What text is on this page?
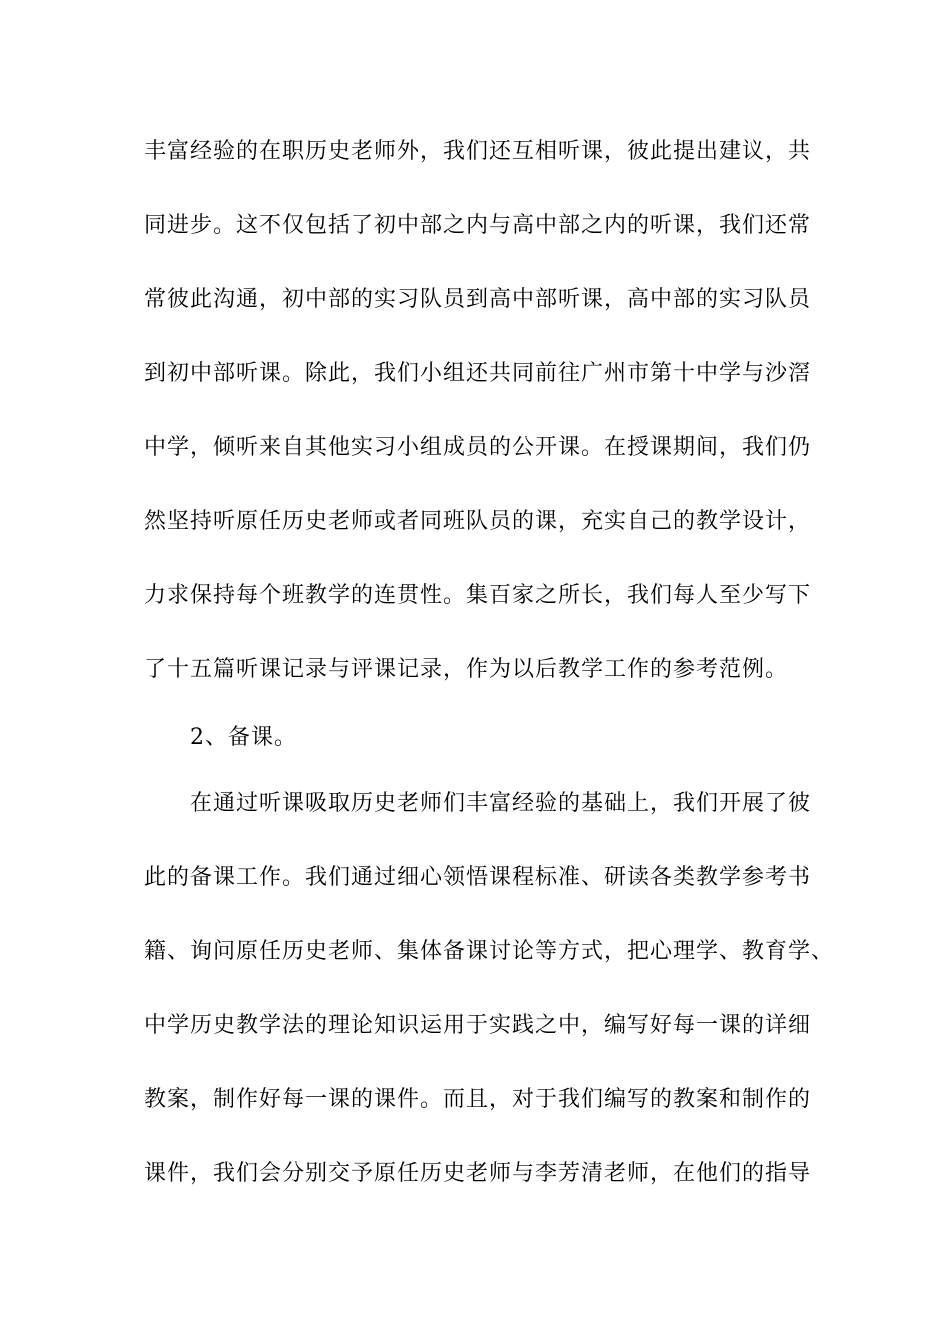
丰富经验的在职历史老师外，我们还互相听课，彼此提出建议，共
同进步。这不仅包括了初中部之内与高中部之内的听课，我们还常
常彼此沟通，初中部的实习队员到高中部听课，高中部的实习队员
到初中部听课。除此，我们小组还共同前往广州市第十中学与沙滘
中学，倾听来自其他实习小组成员的公开课。在授课期间，我们仍
然坚持听原任历史老师或者同班队员的课，充实自己的教学设计，
力求保持每个班教学的连贯性。集百家之所长，我们每人至少写下
了十五篇听课记录与评课记录，作为以后教学工作的参考范例。
2、备课。
在通过听课吸取历史老师们丰富经验的基础上，我们开展了彼
此的备课工作。我们通过细心领悟课程标准、研读各类教学参考书
籍、询问原任历史老师、集体备课讨论等方式，把心理学、教育学、
中学历史教学法的理论知识运用于实践之中，编写好每一课的详细
教案，制作好每一课的课件。而且，对于我们编写的教案和制作的
课件，我们会分别交予原任历史老师与李芳清老师，在他们的指导
